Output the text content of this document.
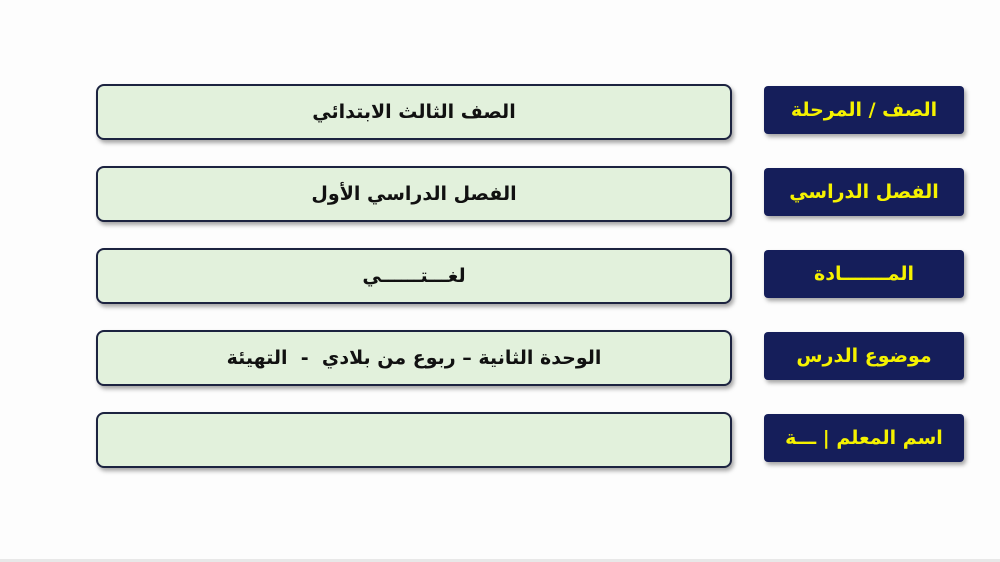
الصف الثالث الابتدائي	الصف / المرحلة
الفصل الدراسي الأول	الفصل الدراسي
لغـــتــــــي	المـــــــادة
الوحدة الثانية – ربوع من بلادي  -  التهيئة	موضوع الدرس
اسم المعلم | ـــة
